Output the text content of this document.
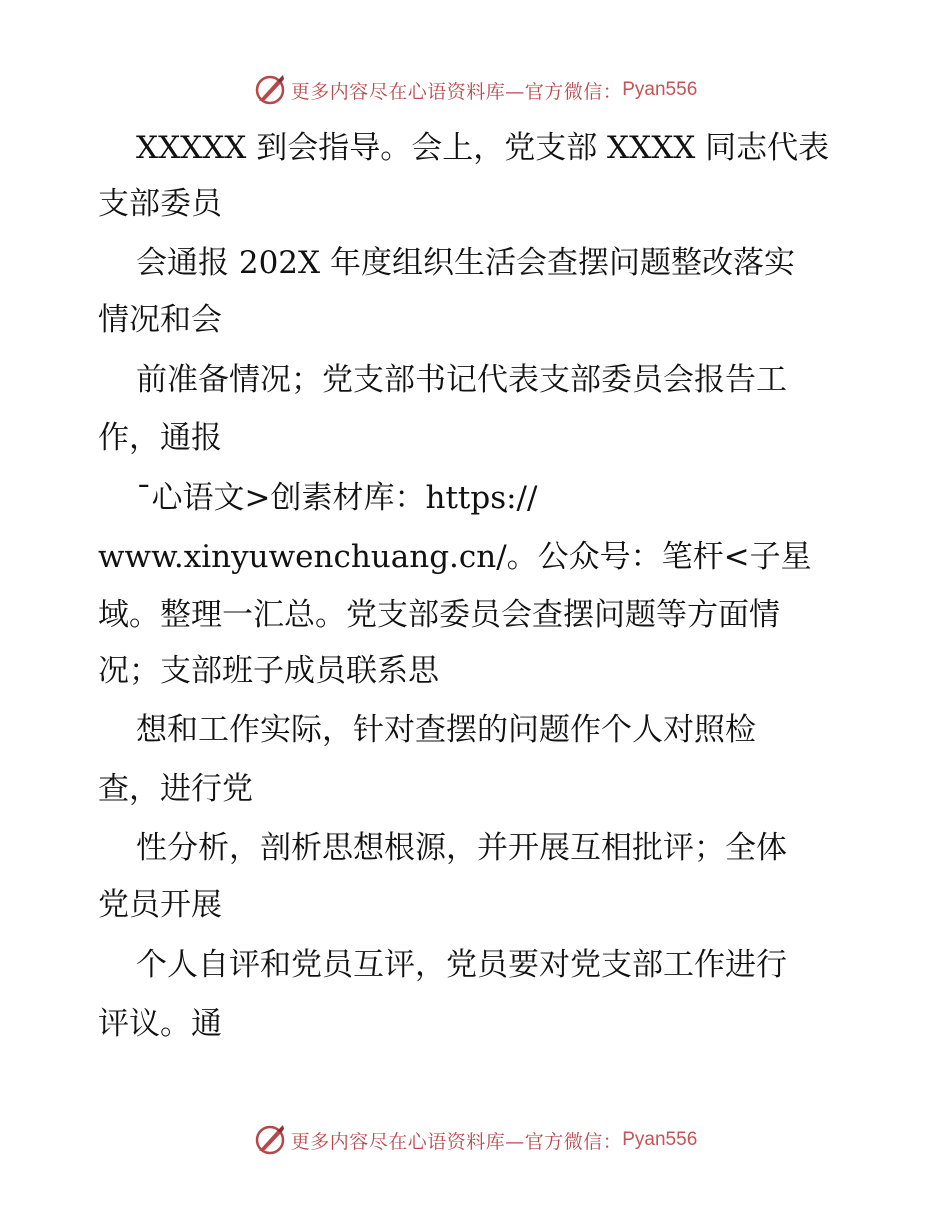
更多内容尽在心语资料库 —官方微信： Pyan556
XXXXX 到会指导。会上，党支部 XXXX 同志代表
支部委员
会通报 202X 年度组织生活会查摆问题整改落实
情况和会
前准备情况；党支部书记代表支部委员会报告工
作，通报
¯心语文>创素材库：https://
www.xinyuwenchuang.cn/。公众号：笔杆<子星
域。整理一汇总。党支部委员会查摆问题等方面情
况；支部班子成员联系思
想和工作实际，针对查摆的问题作个人对照检
查，进行党
性分析，剖析思想根源，并开展互相批评；全体
党员开展
个人自评和党员互评，党员要对党支部工作进行
评议。通
更多内容尽在心语资料库 —官方微信： Pyan556
